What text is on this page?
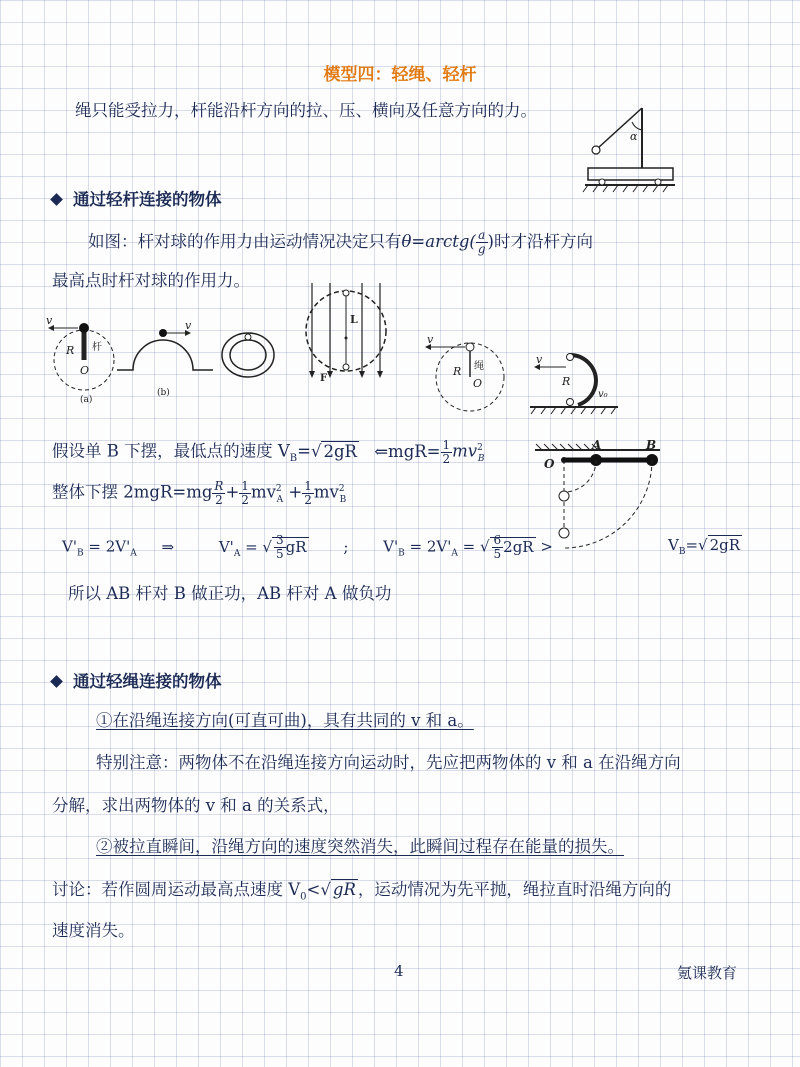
模型四：轻绳、轻杆
绳只能受拉力，杆能沿杆方向的拉、压、横向及任意方向的力。
α
通过轻杆连接的物体
如图：杆对球的作用力由运动情况决定只有θ=arctg( $\frac{a}{g}$ )时才沿杆方向
最高点时杆对球的作用力。
v
R 杆
O
(a)
v
(b)
L
F
v
R 绳
O
v
R
v₀
假设单 B 下摆，最低点的速度 $V_B=√$ 2gR ⇐mgR= $\frac{1}{2} mv^2_B$
整体下摆 $2mgR=mg \frac{R}{2} + \frac{1}{2} mv^2_A + \frac{1}{2} mv^2_B$
O
A	B
$V'_B = 2V'_A$ ⇒	$V'_A$ = √ $\frac{3}{5}$ gR ; $V'_B = 2V'_A$ = √ $\frac{6}{5} 2gR$ >	$V_B=√$ 2gR
所以 AB 杆对 B 做正功，AB 杆对 A 做负功
通过轻绳连接的物体
①在沿绳连接方向(可直可曲)，具有共同的 v 和 a。
特别注意：两物体不在沿绳连接方向运动时，先应把两物体的 v 和 a 在沿绳方向
分解，求出两物体的 v 和 a 的关系式，
②被拉直瞬间，沿绳方向的速度突然消失，此瞬间过程存在能量的损失。
讨论：若作圆周运动最高点速度 $V_0<√$ gR ，运动情况为先平抛，绳拉直时沿绳方向的
速度消失。
4	氪课教育
